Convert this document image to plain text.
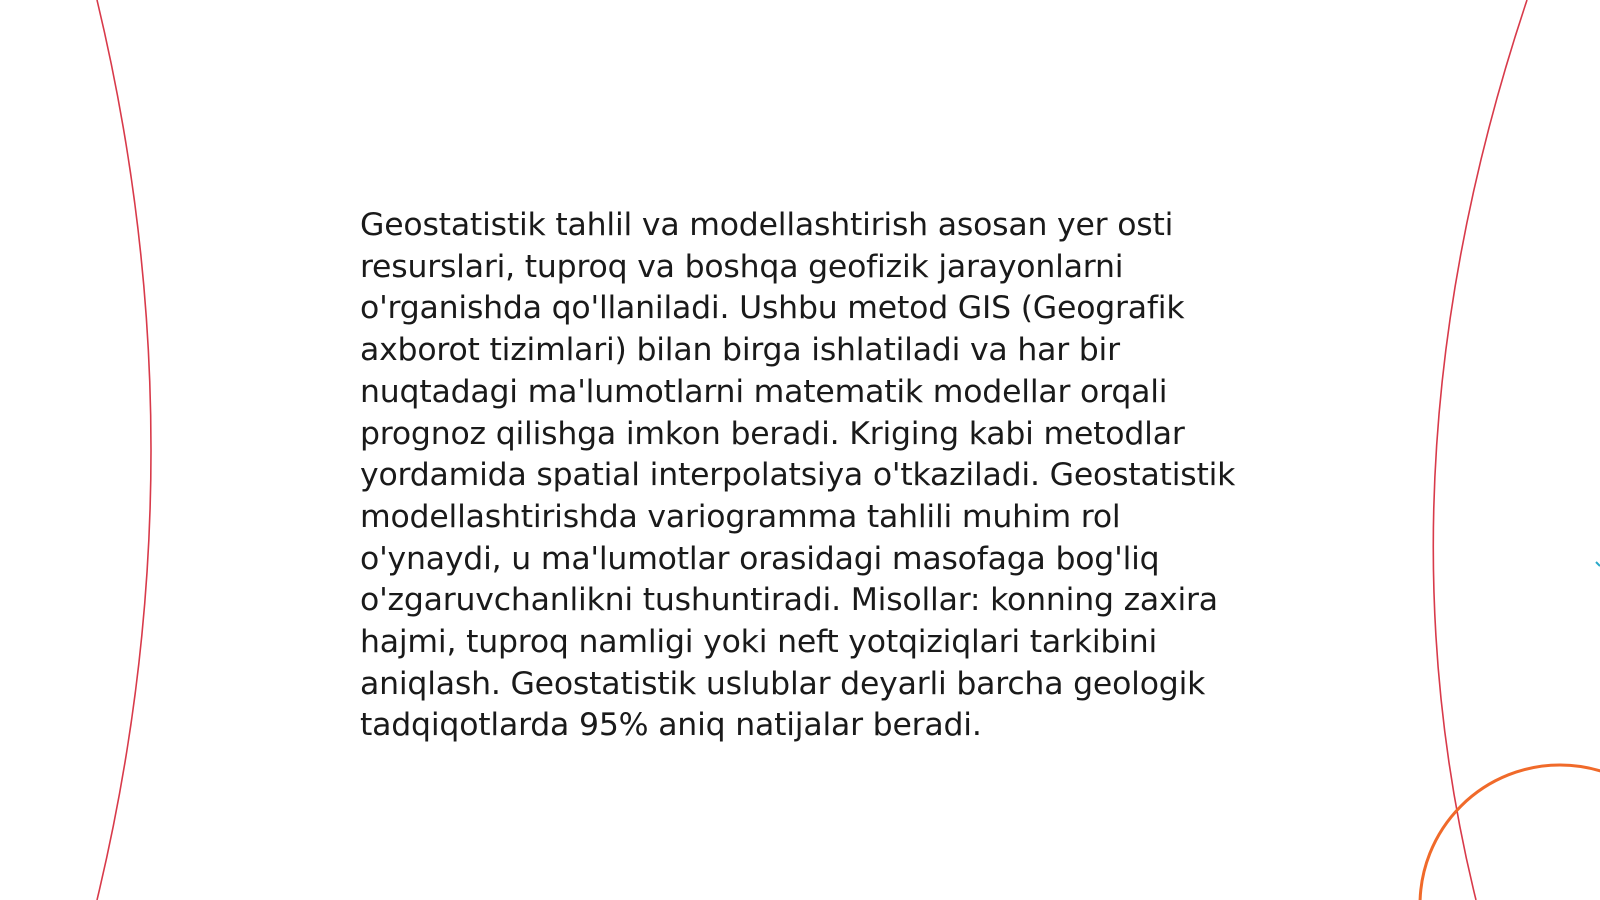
Geostatistik tahlil va modellashtirish asosan yer osti resurslari, tuproq va boshqa geofizik jarayonlarni o'rganishda qo'llaniladi. Ushbu metod GIS (Geografik axborot tizimlari) bilan birga ishlatiladi va har bir nuqtadagi ma'lumotlarni matematik modellar orqali prognoz qilishga imkon beradi. Kriging kabi metodlar yordamida spatial interpolatsiya o'tkaziladi. Geostatistik modellashtirishda variogramma tahlili muhim rol o'ynaydi, u ma'lumotlar orasidagi masofaga bog'liq o'zgaruvchanlikni tushuntiradi. Misollar: konning zaxira hajmi, tuproq namligi yoki neft yotqiziqlari tarkibini aniqlash. Geostatistik uslublar deyarli barcha geologik tadqiqotlarda 95% aniq natijalar beradi.
